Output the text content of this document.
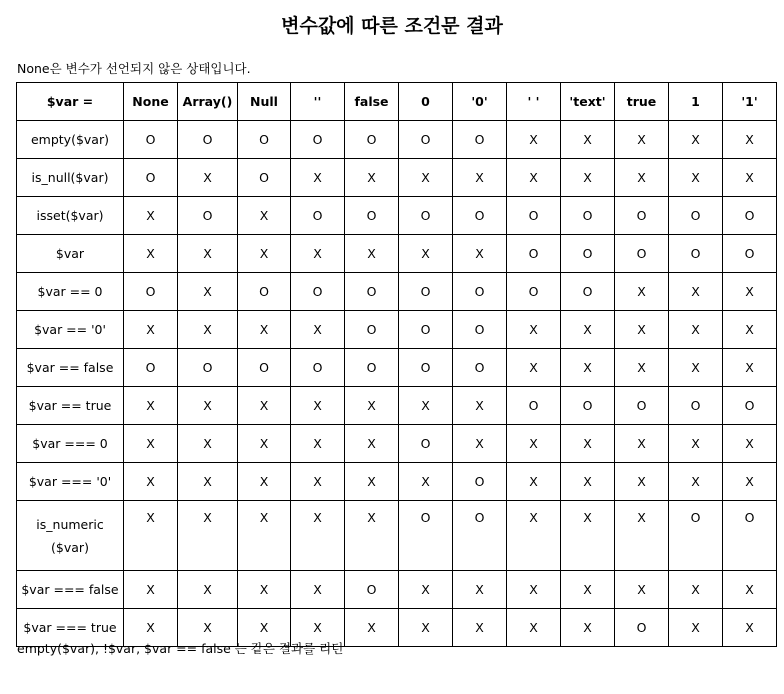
변수값에 따른 조건문 결과
None은 변수가 선언되지 않은 상태입니다.
$var =	None	Array()	Null	''	false	0	'0'	' '	'text'	true	1	'1'
empty($var)	O	O	O	O	O	O	O	X	X	X	X	X
is_null($var)	O	X	O	X	X	X	X	X	X	X	X	X
isset($var)	X	O	X	O	O	O	O	O	O	O	O	O
$var	X	X	X	X	X	X	X	O	O	O	O	O
$var == 0	O	X	O	O	O	O	O	O	O	X	X	X
$var == '0'	X	X	X	X	O	O	O	X	X	X	X	X
$var == false	O	O	O	O	O	O	O	X	X	X	X	X
$var == true	X	X	X	X	X	X	X	O	O	O	O	O
$var === 0	X	X	X	X	X	O	X	X	X	X	X	X
$var === '0'	X	X	X	X	X	X	O	X	X	X	X	X
is_numeric ($var)	X	X	X	X	X	O	O	X	X	X	O	O
$var === false	X	X	X	X	O	X	X	X	X	X	X	X
$var === true	X	X	X	X	X	X	X	X	X	O	X	X
empty($var), !$var, $var == false 는 같은 결과를 리턴
